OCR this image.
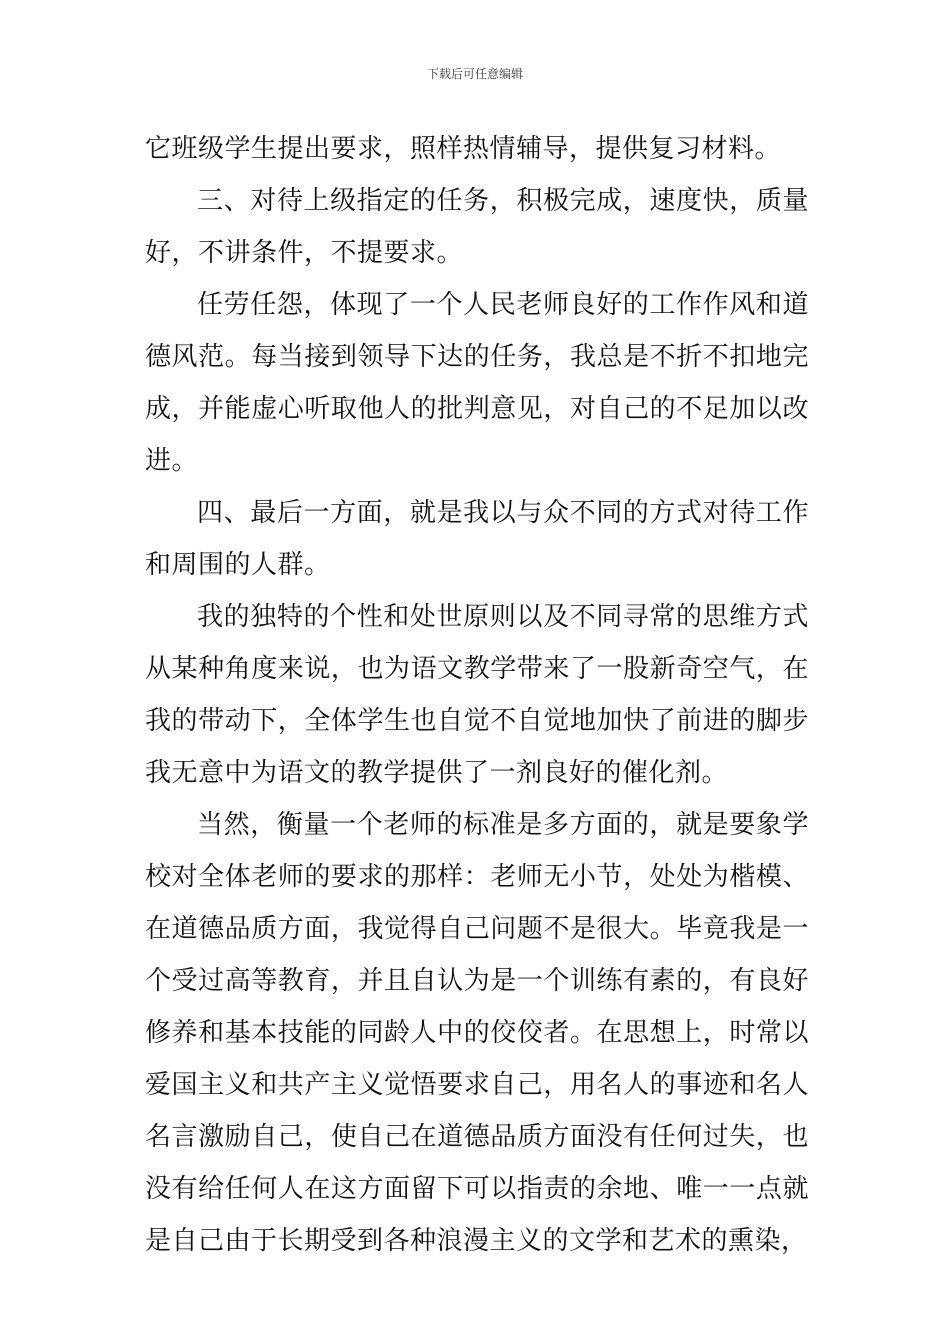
下载后可任意编辑

它班级学生提出要求，照样热情辅导，提供复习材料。

三、对待上级指定的任务，积极完成，速度快，质量好，不讲条件，不提要求。

任劳任怨，体现了一个人民老师良好的工作作风和道德风范。每当接到领导下达的任务，我总是不折不扣地完成，并能虚心听取他人的批判意见，对自己的不足加以改进。

四、最后一方面，就是我以与众不同的方式对待工作和周围的人群。

我的独特的个性和处世原则以及不同寻常的思维方式从某种角度来说，也为语文教学带来了一股新奇空气，在我的带动下，全体学生也自觉不自觉地加快了前进的脚步我无意中为语文的教学提供了一剂良好的催化剂。

当然，衡量一个老师的标准是多方面的，就是要象学校对全体老师的要求的那样：老师无小节，处处为楷模、在道德品质方面，我觉得自己问题不是很大。毕竟我是一个受过高等教育，并且自认为是一个训练有素的，有良好修养和基本技能的同龄人中的佼佼者。在思想上，时常以爱国主义和共产主义觉悟要求自己，用名人的事迹和名人名言激励自己，使自己在道德品质方面没有任何过失，也没有给任何人在这方面留下可以指责的余地、唯一一点就是自己由于长期受到各种浪漫主义的文学和艺术的熏染，
